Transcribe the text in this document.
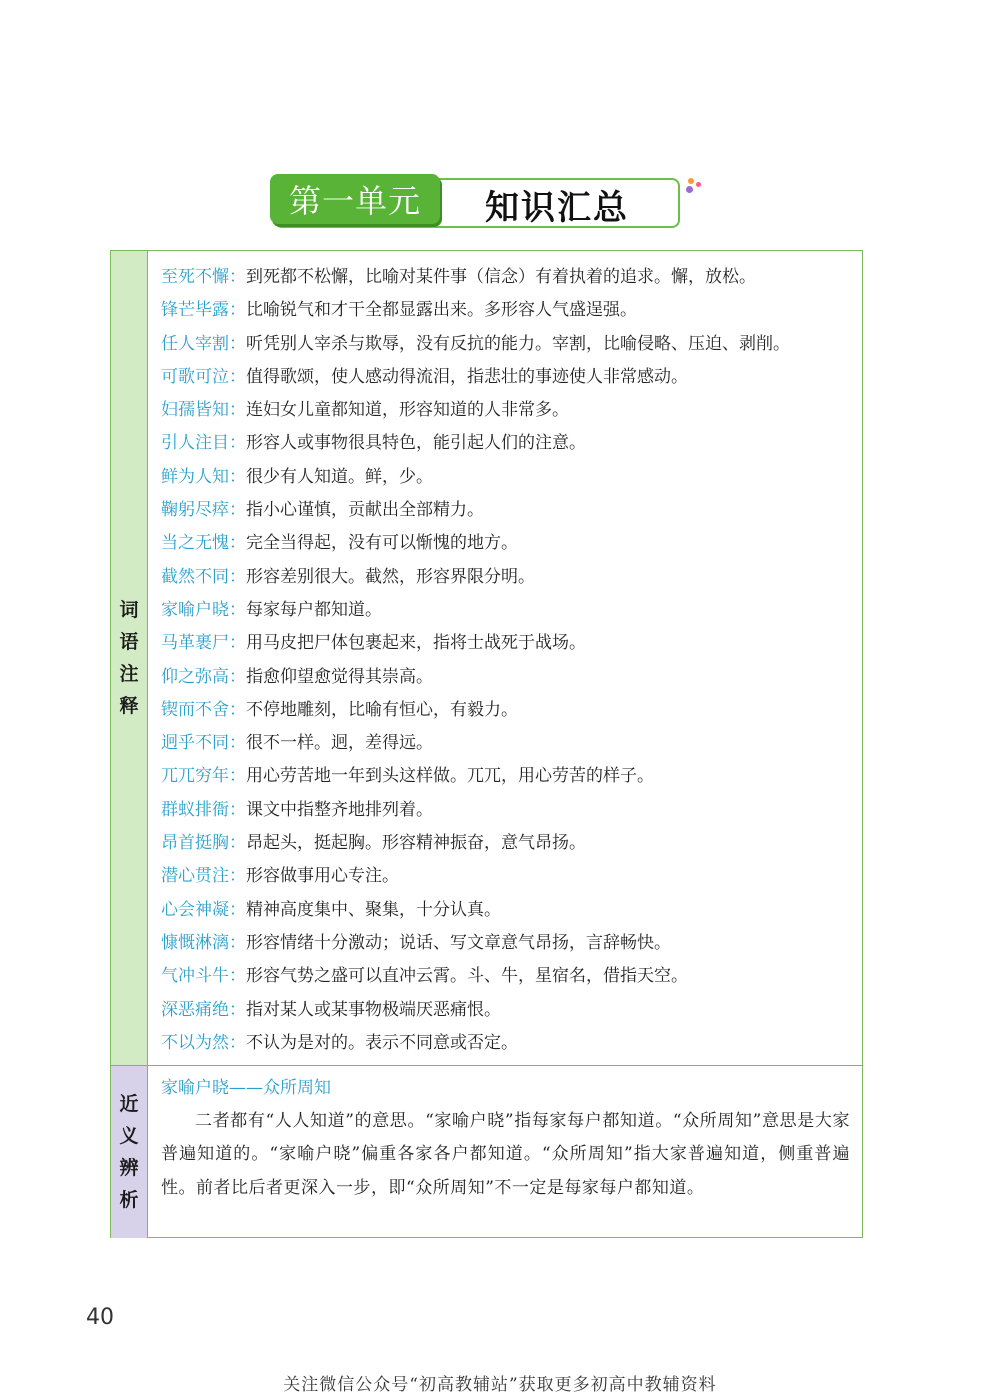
第一单元	知识汇总
词
语
注
释
至死不懈：到死都不松懈，比喻对某件事（信念）有着执着的追求。懈，放松。
锋芒毕露：比喻锐气和才干全都显露出来。多形容人气盛逞强。
任人宰割：听凭别人宰杀与欺辱，没有反抗的能力。宰割，比喻侵略、压迫、剥削。
可歌可泣：值得歌颂，使人感动得流泪，指悲壮的事迹使人非常感动。
妇孺皆知：连妇女儿童都知道，形容知道的人非常多。
引人注目：形容人或事物很具特色，能引起人们的注意。
鲜为人知：很少有人知道。鲜，少。
鞠躬尽瘁：指小心谨慎，贡献出全部精力。
当之无愧：完全当得起，没有可以惭愧的地方。
截然不同：形容差别很大。截然，形容界限分明。
家喻户晓：每家每户都知道。
马革裹尸：用马皮把尸体包裹起来，指将士战死于战场。
仰之弥高：指愈仰望愈觉得其崇高。
锲而不舍：不停地雕刻，比喻有恒心，有毅力。
迥乎不同：很不一样。迥，差得远。
兀兀穷年：用心劳苦地一年到头这样做。兀兀，用心劳苦的样子。
群蚁排衙：课文中指整齐地排列着。
昂首挺胸：昂起头，挺起胸。形容精神振奋，意气昂扬。
潜心贯注：形容做事用心专注。
心会神凝：精神高度集中、聚集，十分认真。
慷慨淋漓：形容情绪十分激动；说话、写文章意气昂扬，言辞畅快。
气冲斗牛：形容气势之盛可以直冲云霄。斗、牛，星宿名，借指天空。
深恶痛绝：指对某人或某事物极端厌恶痛恨。
不以为然：不认为是对的。表示不同意或否定。
近
义
辨
析
家喻户晓——众所周知
二者都有“人人知道”的意思。“家喻户晓”指每家每户都知道。“众所周知”意思是大家普遍知道的。“家喻户晓”偏重各家各户都知道。“众所周知”指大家普遍知道，侧重普遍性。前者比后者更深入一步，即“众所周知”不一定是每家每户都知道。
40
关注微信公众号“初高教辅站”获取更多初高中教辅资料
